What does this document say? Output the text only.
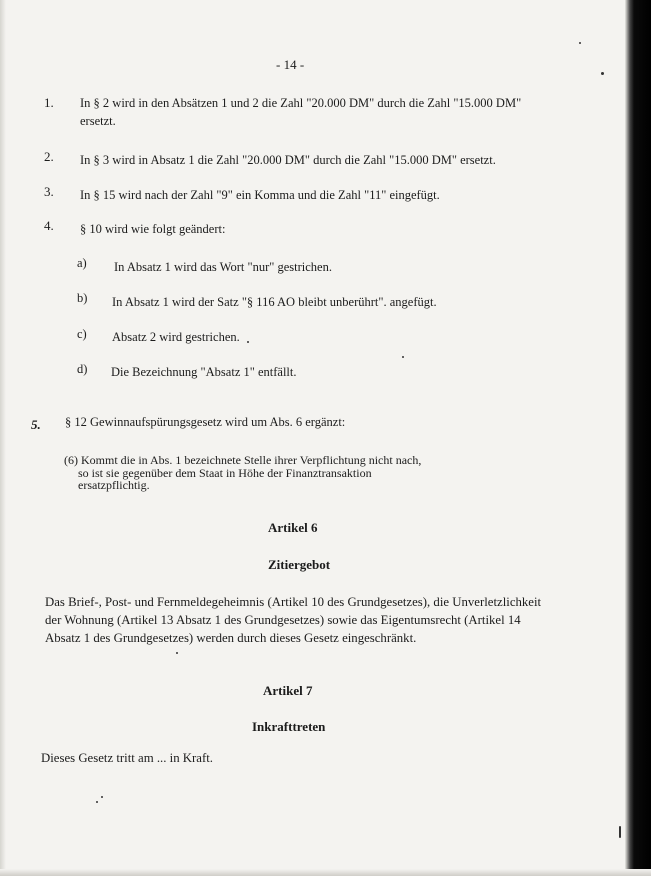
- 14 -
1. In § 2 wird in den Absätzen 1 und 2 die Zahl "20.000 DM" durch die Zahl "15.000 DM"
ersetzt.
2. In § 3 wird in Absatz 1 die Zahl "20.000 DM" durch die Zahl "15.000 DM" ersetzt.
3. In § 15 wird nach der Zahl "9" ein Komma und die Zahl "11" eingefügt.
4. § 10 wird wie folgt geändert:
a) In Absatz 1 wird das Wort "nur" gestrichen.
b) In Absatz 1 wird der Satz "§ 116 AO bleibt unberührt". angefügt.
c) Absatz 2 wird gestrichen.
d) Die Bezeichnung "Absatz 1" entfällt.
5. § 12 Gewinnaufspürungsgesetz wird um Abs. 6 ergänzt:
(6) Kommt die in Abs. 1 bezeichnete Stelle ihrer Verpflichtung nicht nach,
so ist sie gegenüber dem Staat in Höhe der Finanztransaktion
ersatzpflichtig.
Artikel 6
Zitiergebot
Das Brief-, Post- und Fernmeldegeheimnis (Artikel 10 des Grundgesetzes), die Unverletzlichkeit
der Wohnung (Artikel 13 Absatz 1 des Grundgesetzes) sowie das Eigentumsrecht (Artikel 14
Absatz 1 des Grundgesetzes) werden durch dieses Gesetz eingeschränkt.
Artikel 7
Inkrafttreten
Dieses Gesetz tritt am ... in Kraft.
